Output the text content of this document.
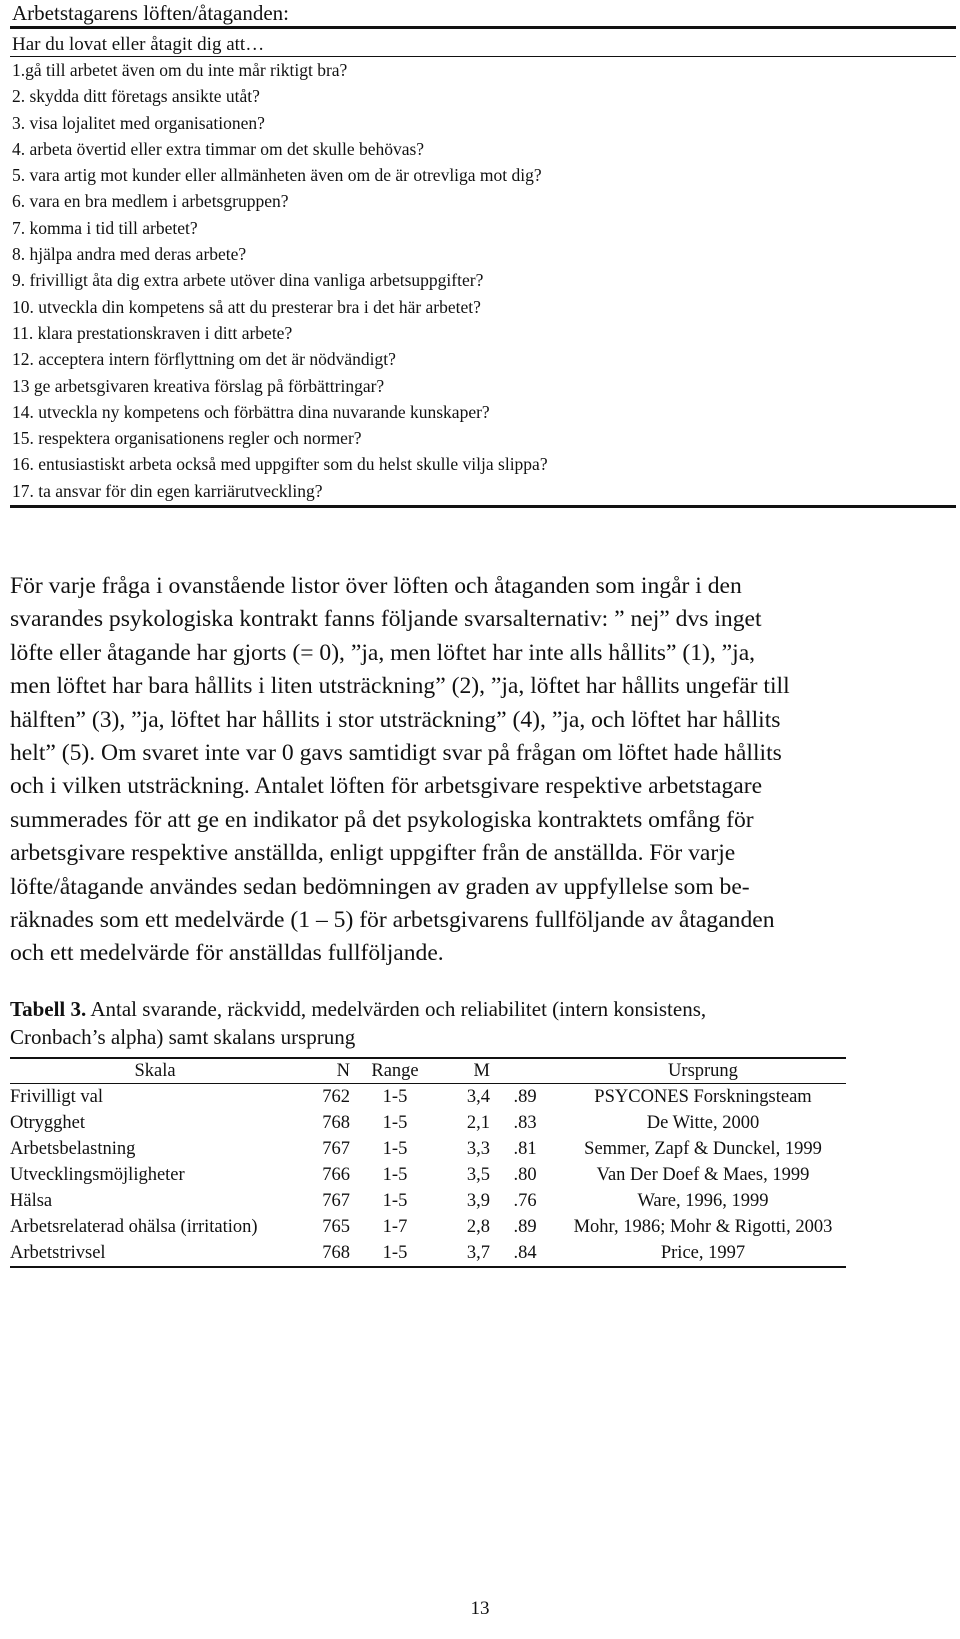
Arbetstagarens löften/åtaganden:
Har du lovat eller åtagit dig att…
1.gå till arbetet även om du inte mår riktigt bra?
2. skydda ditt företags ansikte utåt?
3. visa lojalitet med organisationen?
4. arbeta övertid eller extra timmar om det skulle behövas?
5. vara artig mot kunder eller allmänheten även om de är otrevliga mot dig?
6. vara en bra medlem i arbetsgruppen?
7. komma i tid till arbetet?
8. hjälpa andra med deras arbete?
9. frivilligt åta dig extra arbete utöver dina vanliga arbetsuppgifter?
10. utveckla din kompetens så att du presterar bra i det här arbetet?
11. klara prestationskraven i ditt arbete?
12. acceptera intern förflyttning om det är nödvändigt?
13 ge arbetsgivaren kreativa förslag på förbättringar?
14. utveckla ny kompetens och förbättra dina nuvarande kunskaper?
15. respektera organisationens regler och normer?
16. entusiastiskt arbeta också med uppgifter som du helst skulle vilja slippa?
17. ta ansvar för din egen karriärutveckling?

För varje fråga i ovanstående listor över löften och åtaganden som ingår i den
svarandes psykologiska kontrakt fanns följande svarsalternativ: ” nej” dvs inget
löfte eller åtagande har gjorts (= 0), ”ja, men löftet har inte alls hållits” (1), ”ja,
men löftet har bara hållits i liten utsträckning” (2), ”ja, löftet har hållits ungefär till
hälften” (3), ”ja, löftet har hållits i stor utsträckning” (4), ”ja, och löftet har hållits
helt” (5). Om svaret inte var 0 gavs samtidigt svar på frågan om löftet hade hållits
och i vilken utsträckning. Antalet löften för arbetsgivare respektive arbetstagare
summerades för att ge en indikator på det psykologiska kontraktets omfång för
arbetsgivare respektive anställda, enligt uppgifter från de anställda. För varje
löfte/åtagande användes sedan bedömningen av graden av uppfyllelse som be-
räknades som ett medelvärde (1 – 5) för arbetsgivarens fullföljande av åtaganden
och ett medelvärde för anställdas fullföljande.

Tabell 3. Antal svarande, räckvidd, medelvärden och reliabilitet (intern konsistens,
Cronbach’s alpha) samt skalans ursprung

Skala	N	Range	M		Ursprung
Frivilligt val	762	1-5	3,4	.89	PSYCONES Forskningsteam
Otrygghet	768	1-5	2,1	.83	De Witte, 2000
Arbetsbelastning	767	1-5	3,3	.81	Semmer, Zapf & Dunckel, 1999
Utvecklingsmöjligheter	766	1-5	3,5	.80	Van Der Doef & Maes, 1999
Hälsa	767	1-5	3,9	.76	Ware, 1996, 1999
Arbetsrelaterad ohälsa (irritation)	765	1-7	2,8	.89	Mohr, 1986; Mohr & Rigotti, 2003
Arbetstrivsel	768	1-5	3,7	.84	Price, 1997
13
